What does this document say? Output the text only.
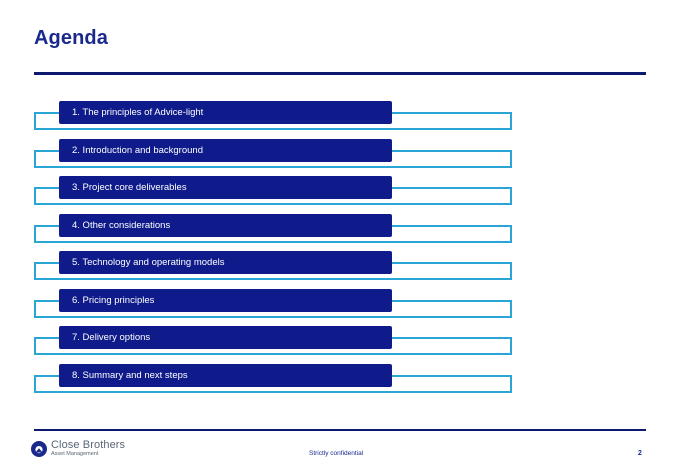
Agenda
1. The principles of Advice-light
2. Introduction and background
3. Project core deliverables
4. Other considerations
5. Technology and operating models
6. Pricing principles
7. Delivery options
8. Summary and next steps
Close Brothers
Asset Management	Strictly confidential	2
